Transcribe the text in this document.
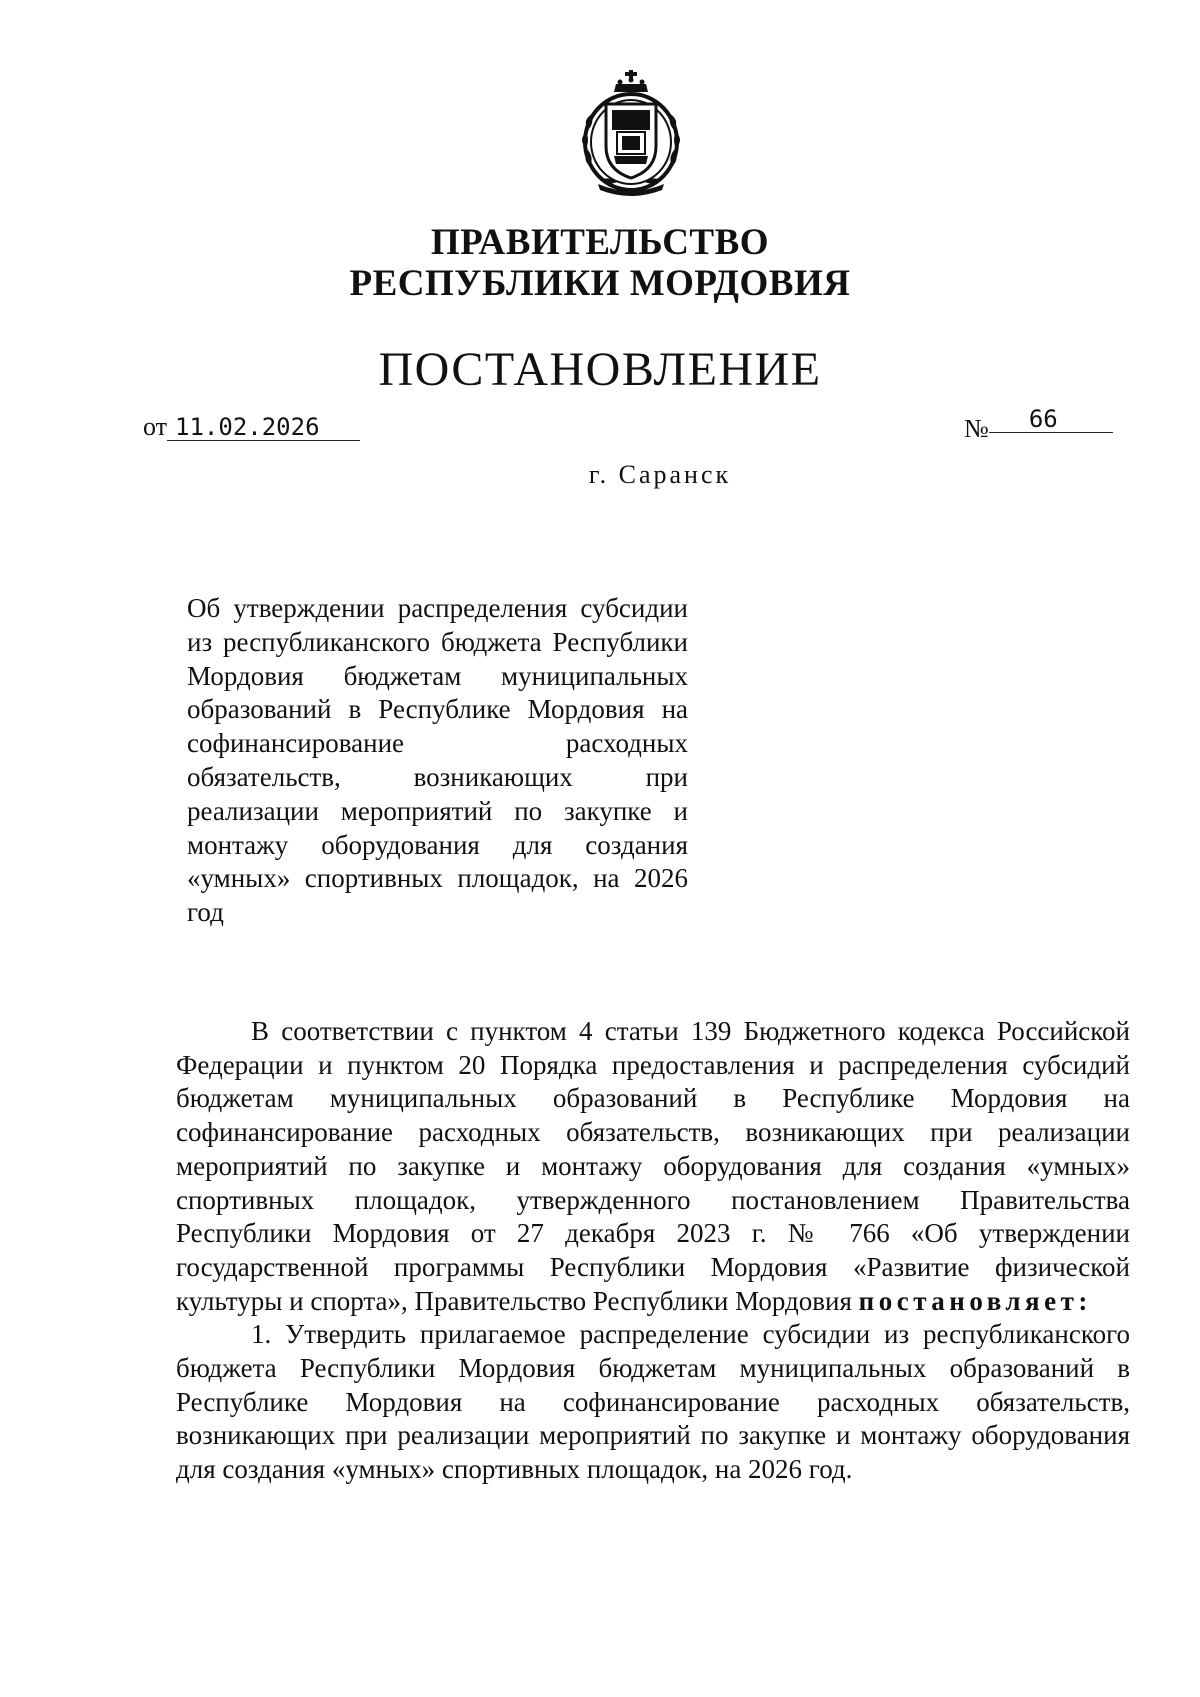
ПРАВИТЕЛЬСТВО
РЕСПУБЛИКИ МОРДОВИЯ
ПОСТАНОВЛЕНИЕ
от 11.02.2026	№ 66
г. Саранск
Об утверждении распределения субсидии из республиканского бюджета Республики Мордовия бюджетам муниципальных образований в Республике Мордовия на софинансирование расходных обязательств, возникающих при реализации мероприятий по закупке и монтажу оборудования для создания «умных» спортивных площадок, на 2026 год

В соответствии с пунктом 4 статьи 139 Бюджетного кодекса Российской Федерации и пунктом 20 Порядка предоставления и распределения субсидий бюджетам муниципальных образований в Республике Мордовия на софинансирование расходных обязательств, возникающих при реализации мероприятий по закупке и монтажу оборудования для создания «умных» спортивных площадок, утвержденного постановлением Правительства Республики Мордовия от 27 декабря 2023 г. № 766 «Об утверждении государственной программы Республики Мордовия «Развитие физической культуры и спорта», Правительство Республики Мордовия постановляет:

1. Утвердить прилагаемое распределение субсидии из республиканского бюджета Республики Мордовия бюджетам муниципальных образований в Республике Мордовия на софинансирование расходных обязательств, возникающих при реализации мероприятий по закупке и монтажу оборудования для создания «умных» спортивных площадок, на 2026 год.
